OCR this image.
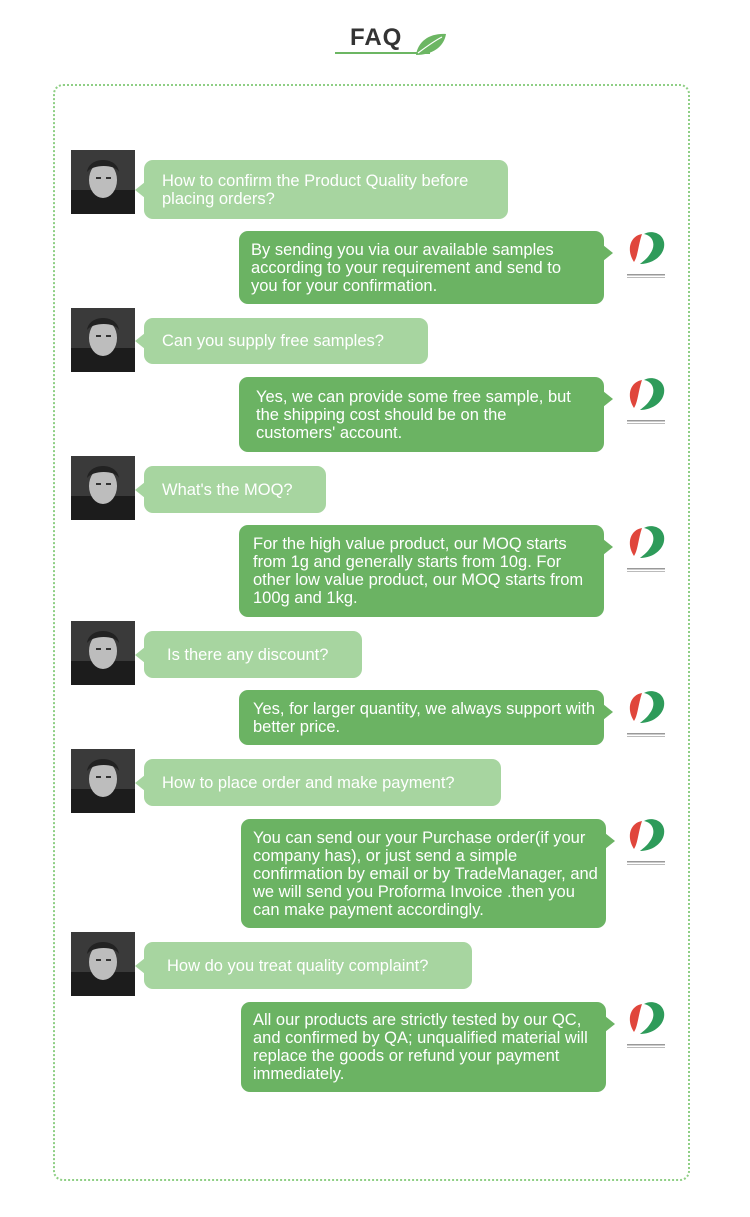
FAQ
How to confirm the Product Quality before placing orders?
By sending you via our available samples according to your requirement and send to you for your confirmation.
Can you supply free samples?
Yes, we can provide some free sample, but the shipping cost should be on the customers' account.
What's the MOQ?
For the high value product, our MOQ starts from 1g and generally starts from 10g. For other low value product, our MOQ starts from 100g and 1kg.
Is there any discount?
Yes, for larger quantity, we always support with better price.
How to place order and make payment?
You can send our your Purchase order(if your company has), or just send a simple confirmation by email or by TradeManager, and we will send you Proforma Invoice .then you can make payment accordingly.
How do you treat quality complaint?
All our products are strictly tested by our QC, and confirmed by QA; unqualified material will replace the goods or refund your payment immediately.
